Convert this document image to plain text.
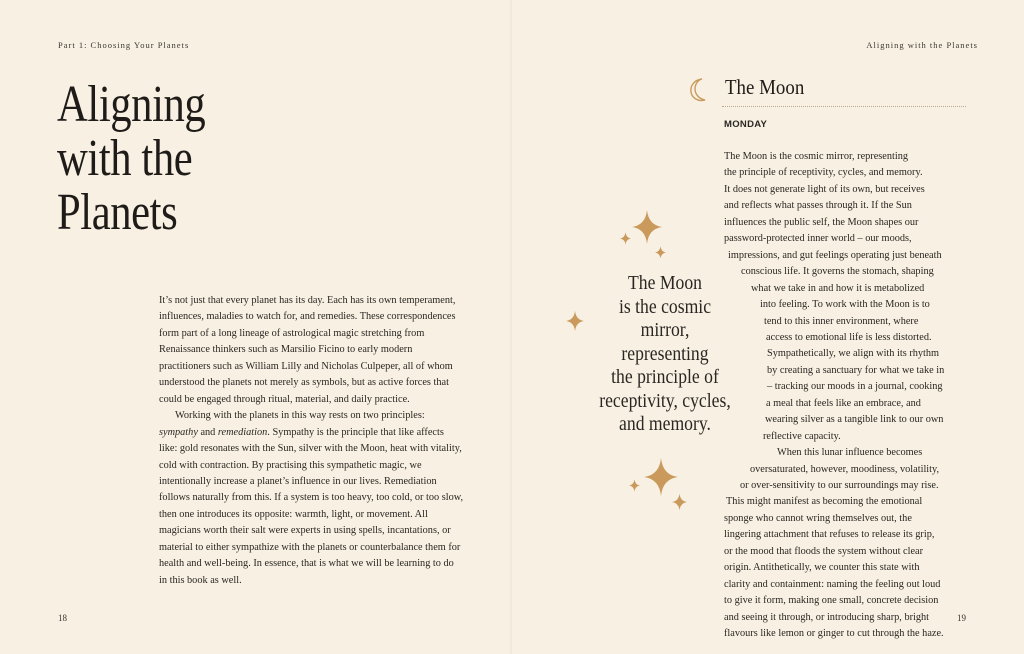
Part 1: Choosing Your Planets
Aligning
with the
Planets

It’s not just that every planet has its day. Each has its own temperament, influences, maladies to watch for, and remedies. These correspondences form part of a long lineage of astrological magic stretching from Renaissance thinkers such as Marsilio Ficino to early modern practitioners such as William Lilly and Nicholas Culpeper, all of whom understood the planets not merely as symbols, but as active forces that could be engaged through ritual, material, and daily practice.

Working with the planets in this way rests on two principles: sympathy and remediation. Sympathy is the principle that like affects like: gold resonates with the Sun, silver with the Moon, heat with vitality, cold with contraction. By practising this sympathetic magic, we intentionally increase a planet’s influence in our lives. Remediation follows naturally from this. If a system is too heavy, too cold, or too slow, then one introduces its opposite: warmth, light, or movement. All magicians worth their salt were experts in using spells, incantations, or material to either sympathize with the planets or counterbalance them for health and well-being. In essence, that is what we will be learning to do in this book as well.

18
Aligning with the Planets
19
The Moon
MONDAY
The Moon
is the cosmic
mirror,
representing
the principle of
receptivity, cycles,
and memory.
The Moon is the cosmic mirror, representing
the principle of receptivity, cycles, and memory.
It does not generate light of its own, but receives
and reflects what passes through it. If the Sun
influences the public self, the Moon shapes our
password-protected inner world – our moods,
impressions, and gut feelings operating just beneath
conscious life. It governs the stomach, shaping
what we take in and how it is metabolized
into feeling. To work with the Moon is to
tend to this inner environment, where
access to emotional life is less distorted.
Sympathetically, we align with its rhythm
by creating a sanctuary for what we take in
– tracking our moods in a journal, cooking
a meal that feels like an embrace, and
wearing silver as a tangible link to our own
reflective capacity.
When this lunar influence becomes
oversaturated, however, moodiness, volatility,
or over-sensitivity to our surroundings may rise.
This might manifest as becoming the emotional
sponge who cannot wring themselves out, the
lingering attachment that refuses to release its grip,
or the mood that floods the system without clear
origin. Antithetically, we counter this state with
clarity and containment: naming the feeling out loud
to give it form, making one small, concrete decision
and seeing it through, or introducing sharp, bright
flavours like lemon or ginger to cut through the haze.
